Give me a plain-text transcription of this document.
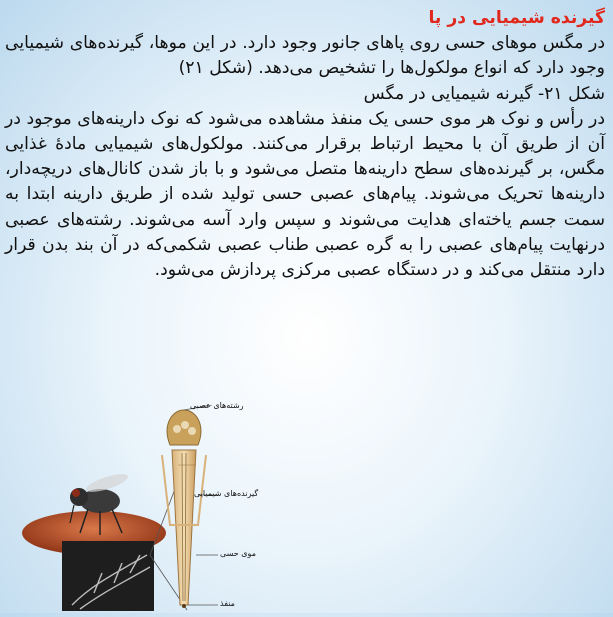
گیرنده شیمیایی در پا

در مگس موهای حسی روی پاهای جانور وجود دارد. در این موها، گیرنده‌های شیمیایی وجود دارد که انواع مولکول‌ها را تشخیص می‌دهد. (شکل ۲۱)

شکل ۲۱- گیرنه شیمیایی در مگس

در رأس و نوک هر موی حسی یک منفذ مشاهده می‌شود که نوک دارینه‌های موجود در آن از طریق آن با محیط ارتباط برقرار می‌کنند. مولکول‌های شیمیایی مادهٔ غذایی مگس، بر گیرنده‌های سطح دارینه‌ها متصل می‌شود و با باز شدن کانال‌های دریچه‌دار، دارینه‌ها تحریک می‌شوند. پیام‌های عصبی حسی تولید شده از طریق دارینه ابتدا به سمت جسم یاخته‌ای هدایت می‌شوند و سپس وارد آسه می‌شوند. رشته‌های عصبی درنهایت پیام‌های عصبی را به گره عصبی طناب عصبی شکمی‌که در آن بند بدن قرار دارد منتقل می‌کند و در دستگاه عصبی مرکزی پردازش می‌شود.

رشته‌های عصبی
گیرنده‌های شیمیایی
موی حسی
منفذ
